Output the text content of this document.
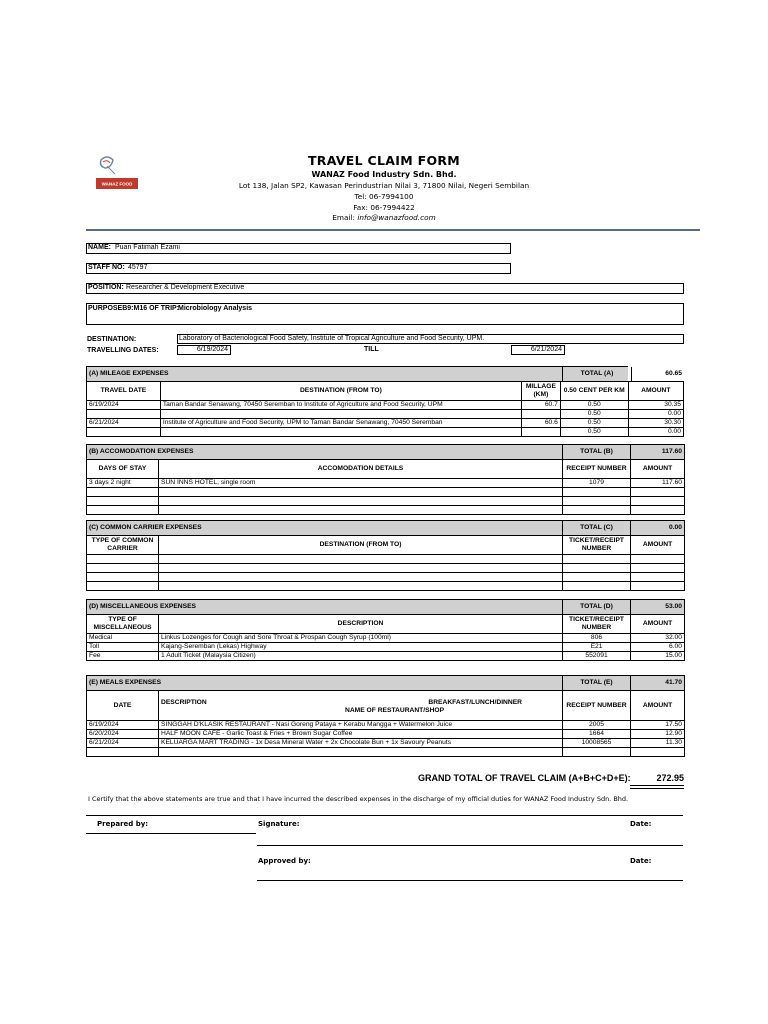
WANAZ FOOD
TRAVEL CLAIM FORM
WANAZ Food Industry Sdn. Bhd.
Lot 138, Jalan SP2, Kawasan Perindustrian Nilai 3, 71800 Nilai, Negeri Sembilan
Tel: 06-7994100
Fax: 06-7994422
Email: info@wanazfood.com
NAME: Puan Fatimah Ezami
STAFF NO: 45797
POSITION: Researcher & Development Executive
PURPOSEB9:M16 OF TRIP:
Microbiology Analysis
DESTINATION:	Laboratory of Bacteriological Food Safety, Institute of Tropical Agriculture and Food Security, UPM.
TRAVELLING DATES:	6/19/2024	TILL	6/21/2024
(A) MILEAGE EXPENSES			
TRAVEL DATE	DESTINATION (FROM TO)	MILLAGE (KM)	0.50 CENT PER KM	AMOUNT
6/19/2024	Taman Bandar Senawang, 70450 Seremban to Institute of Agriculture and Food Security, UPM	60.7	0.50	30.35
			0.50	0.00
6/21/2024	Institute of Agriculture and Food Security, UPM to Taman Bandar Senawang, 70450 Seremban	60.6	0.50	30.30
			0.50	0.00
TOTAL (A)	60.65
(B) ACCOMODATION EXPENSES		TOTAL (B)	117.60
DAYS OF STAY	ACCOMODATION DETAILS	RECEIPT NUMBER	AMOUNT
3 days 2 night	SUN INNS HOTEL, single room	1079	117.60

(C) COMMON CARRIER EXPENSES		TOTAL (C)	0.00
TYPE OF COMMON CARRIER	DESTINATION (FROM TO)	TICKET/RECEIPT NUMBER	AMOUNT

(D) MISCELLANEOUS EXPENSES		TOTAL (D)	53.00
TYPE OF MISCELLANEOUS	DESCRIPTION	TICKET/RECEIPT NUMBER	AMOUNT
Medical	Linkus Lozenges for Cough and Sore Throat & Prospan Cough Syrup (100ml)	806	32.00
Toll	Kajang-Seremban (Lekas) Highway	E21	6.00
Fee	1 Adult Ticket (Malaysia Citizen)	552091	15.00
(E) MEALS EXPENSES		TOTAL (E)	41.70
DATE	DESCRIPTION BREAKFAST/LUNCH/DINNER
NAME OF RESTAURANT/SHOP	RECEIPT NUMBER	AMOUNT
6/19/2024	SINGGAH D'KLASIK RESTAURANT - Nasi Goreng Pataya + Kerabu Mangga + Watermelon Juice	2005	17.50
6/20/2024	HALF MOON CAFE - Garlic Toast & Fries + Brown Sugar Coffee	1664	12.90
6/21/2024	KELUARGA MART TRADING - 1x Desa Mineral Water + 2x Chocolate Bun + 1x Savoury Peanuts	10008565	11.30

GRAND TOTAL OF TRAVEL CLAIM (A+B+C+D+E):	272.95
I Certify that the above statements are true and that I have incurred the described expenses in the discharge of my official duties for WANAZ Food Industry Sdn. Bhd.
Prepared by:	Signature:	Date:
Approved by:	Date:
